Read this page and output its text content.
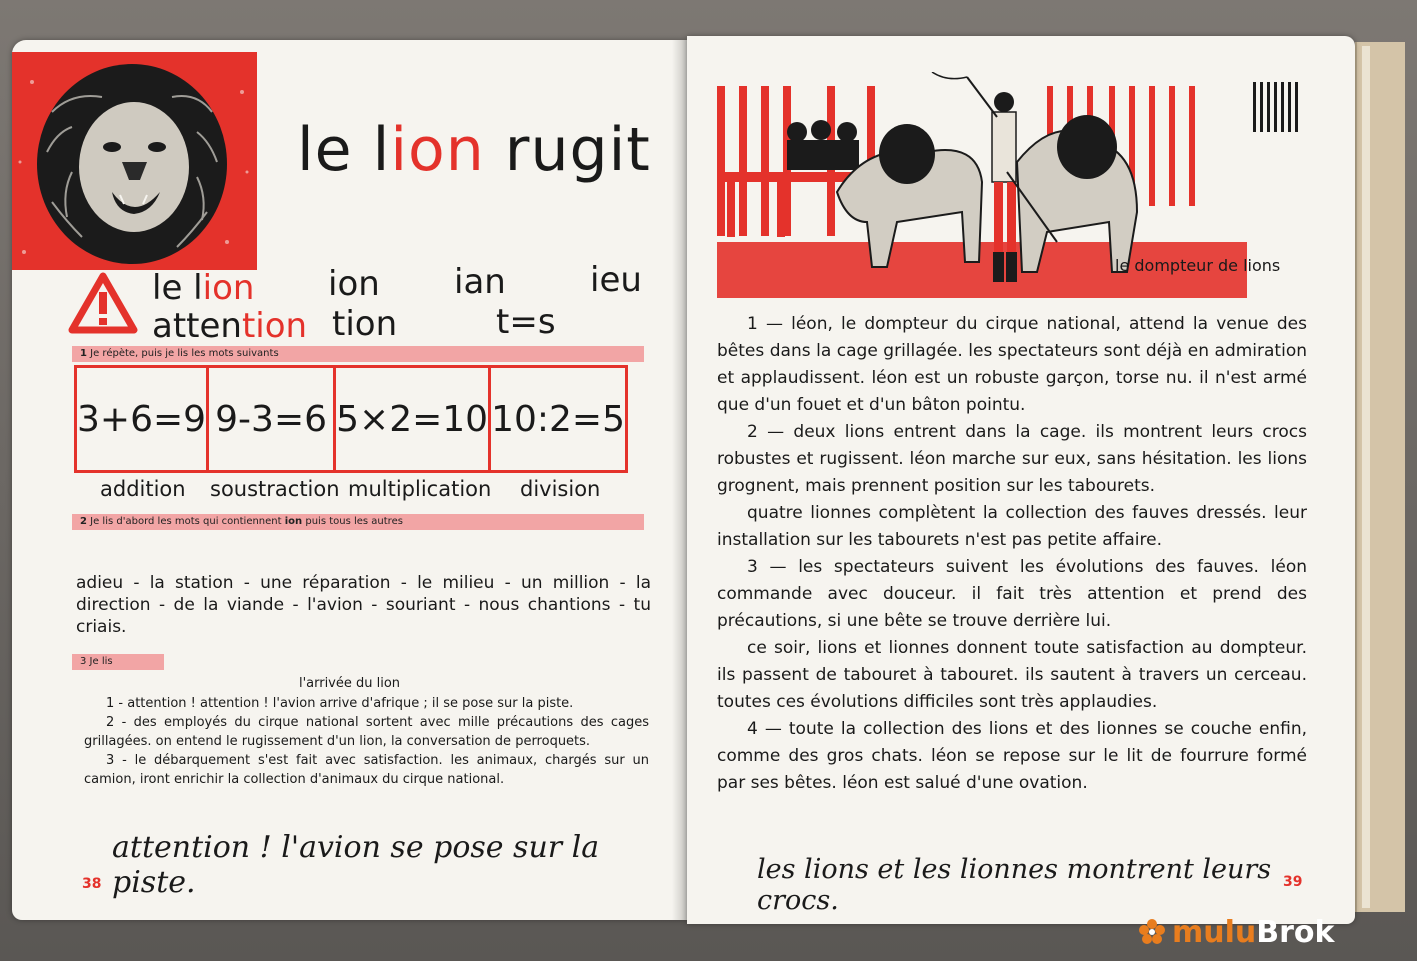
le lion rugit
le lion ion ian ieu
attention tion	t=s
1 Je répète, puis je lis les mots suivants
3+6=9 9-3=6 5×2=10 10:2=5
addition soustraction multiplication division
2 Je lis d'abord les mots qui contiennent ion puis tous les autres
adieu - la station - une réparation - le milieu - un million - la direction - de la viande - l'avion - souriant - nous chantions - tu criais.
3 Je lis
l'arrivée du lion

1 - attention ! attention ! l'avion arrive d'afrique ; il se pose sur la piste.

2 - des employés du cirque national sortent avec mille précautions des cages grillagées. on entend le rugissement d'un lion, la conversation de perroquets.

3 - le débarquement s'est fait avec satisfaction. les animaux, chargés sur un camion, iront enrichir la collection d'animaux du cirque national.

attention ! l'avion se pose sur la piste.
38
le dompteur de lions

1 — léon, le dompteur du cirque national, attend la venue des bêtes dans la cage grillagée. les spectateurs sont déjà en admiration et applaudissent. léon est un robuste garçon, torse nu. il n'est armé que d'un fouet et d'un bâton pointu.

2 — deux lions entrent dans la cage. ils montrent leurs crocs robustes et rugissent. léon marche sur eux, sans hésitation. les lions grognent, mais prennent position sur les tabourets.

quatre lionnes complètent la collection des fauves dressés. leur installation sur les tabourets n'est pas petite affaire.

3 — les spectateurs suivent les évolutions des fauves. léon commande avec douceur. il fait très attention et prend des précautions, si une bête se trouve derrière lui.

ce soir, lions et lionnes donnent toute satisfaction au dompteur. ils passent de tabouret à tabouret. ils sautent à travers un cerceau. toutes ces évolutions difficiles sont très applaudies.

4 — toute la collection des lions et des lionnes se couche enfin, comme des gros chats. léon se repose sur le lit de fourrure formé par ses bêtes. léon est salué d'une ovation.

les lions et les lionnes montrent leurs crocs.
39
muluBrok
